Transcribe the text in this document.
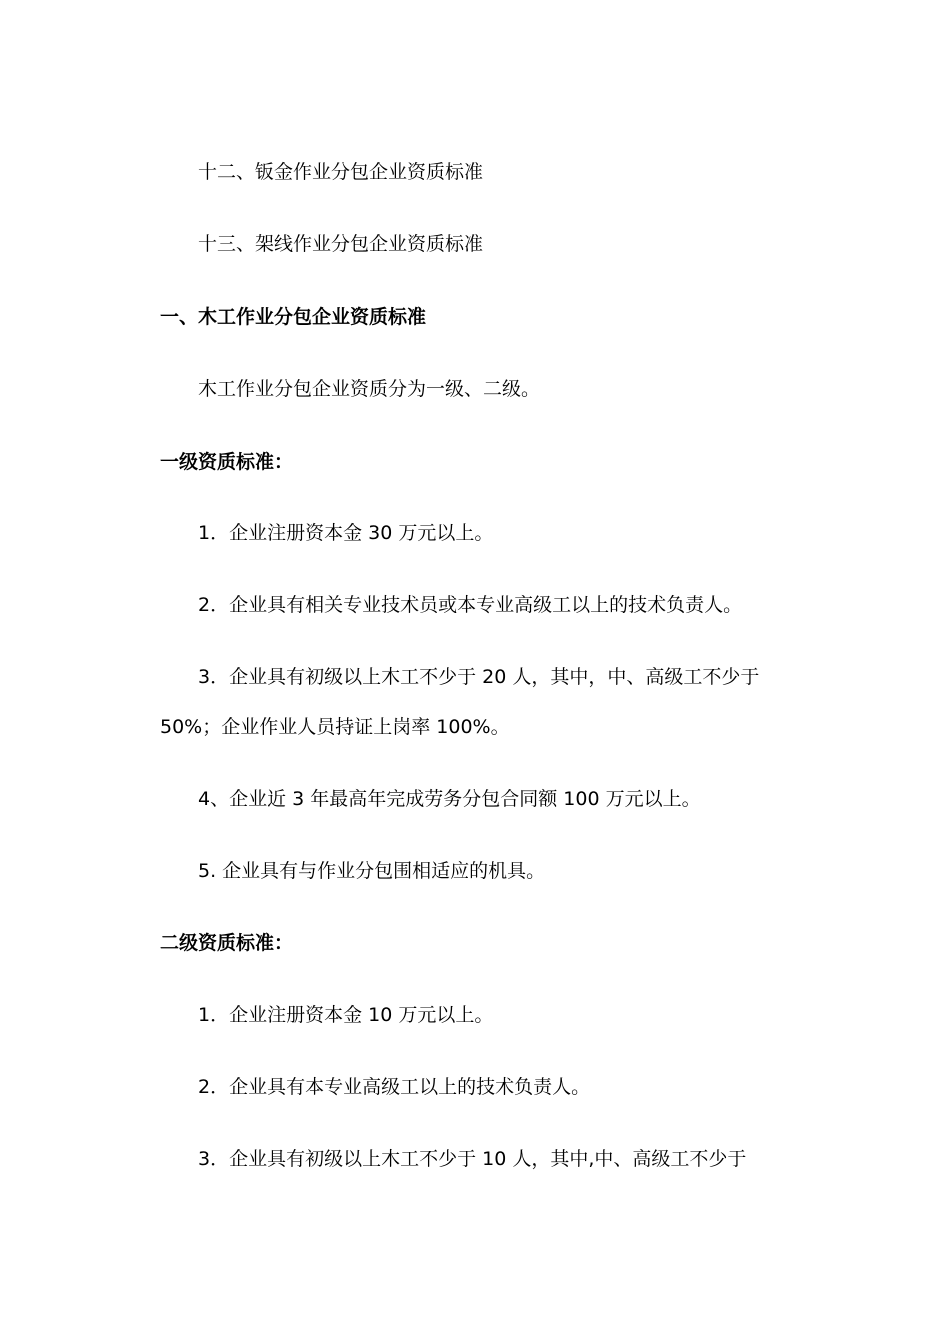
十二、钣金作业分包企业资质标准
十三、架线作业分包企业资质标准
一、木工作业分包企业资质标准
木工作业分包企业资质分为一级、二级。
一级资质标准：
1．企业注册资本金 30 万元以上。
2．企业具有相关专业技术员或本专业高级工以上的技术负责人。
3．企业具有初级以上木工不少于 20 人，其中，中、高级工不少于
50%；企业作业人员持证上岗率 100%。
4、企业近 3 年最高年完成劳务分包合同额 100 万元以上。
5. 企业具有与作业分包围相适应的机具。
二级资质标准：
1．企业注册资本金 10 万元以上。
2．企业具有本专业高级工以上的技术负责人。
3．企业具有初级以上木工不少于 10 人，其中,中、高级工不少于
